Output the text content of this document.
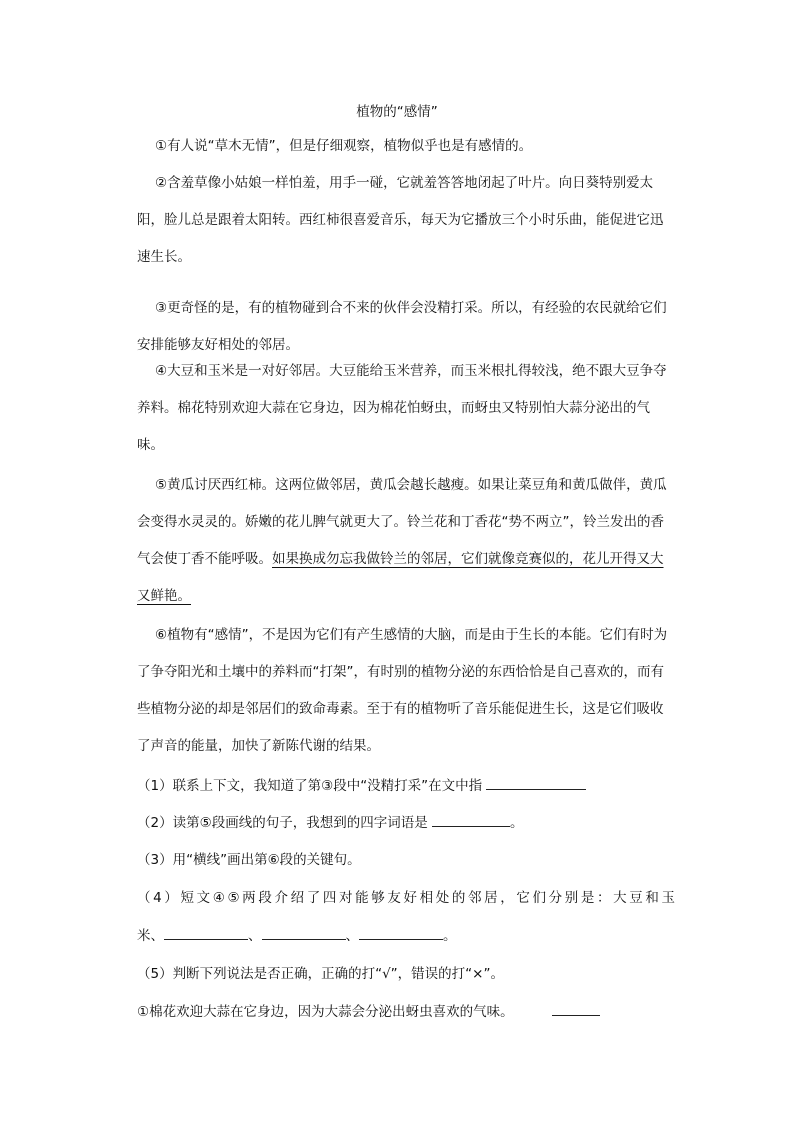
植物的“感情”

①有人说“草木无情”，但是仔细观察，植物似乎也是有感情的。

②含羞草像小姑娘一样怕羞，用手一碰，它就羞答答地闭起了叶片。向日葵特别爱太阳，脸儿总是跟着太阳转。西红柿很喜爱音乐，每天为它播放三个小时乐曲，能促进它迅速生长。

③更奇怪的是，有的植物碰到合不来的伙伴会没精打采。所以，有经验的农民就给它们安排能够友好相处的邻居。

④大豆和玉米是一对好邻居。大豆能给玉米营养，而玉米根扎得较浅，绝不跟大豆争夺养料。棉花特别欢迎大蒜在它身边，因为棉花怕蚜虫，而蚜虫又特别怕大蒜分泌出的气味。

⑤黄瓜讨厌西红柿。这两位做邻居，黄瓜会越长越瘦。如果让菜豆角和黄瓜做伴，黄瓜会变得水灵灵的。娇嫩的花儿脾气就更大了。铃兰花和丁香花“势不两立”，铃兰发出的香气会使丁香不能呼吸。如果换成勿忘我做铃兰的邻居，它们就像竞赛似的，花儿开得又大又鲜艳。

⑥植物有“感情”，不是因为它们有产生感情的大脑，而是由于生长的本能。它们有时为了争夺阳光和土壤中的养料而“打架”，有时别的植物分泌的东西恰恰是自己喜欢的，而有些植物分泌的却是邻居们的致命毒素。至于有的植物听了音乐能促进生长，这是它们吸收了声音的能量，加快了新陈代谢的结果。

（1）联系上下文，我知道了第③段中“没精打采”在文中指

（2）读第⑤段画线的句子，我想到的四字词语是	。

（3）用“横线”画出第⑥段的关键句。

（4）短文④⑤两段介绍了四对能够友好相处的邻居，它们分别是：大豆和玉

米、	、	、	。

（5）判断下列说法是否正确，正确的打“√”，错误的打“×”。

①棉花欢迎大蒜在它身边，因为大蒜会分泌出蚜虫喜欢的气味。
